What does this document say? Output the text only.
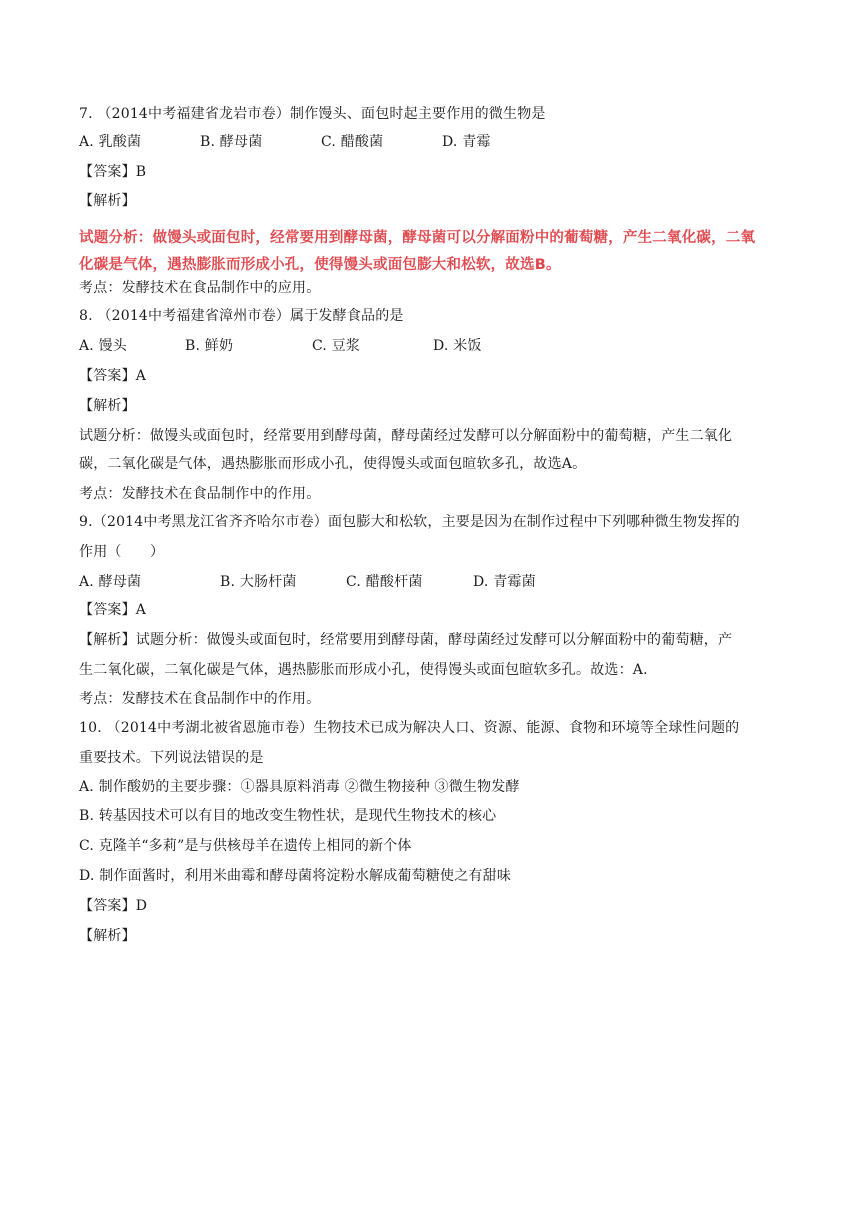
7. （2014中考福建省龙岩市卷）制作馒头、面包时起主要作用的微生物是
A. 乳酸菌	B. 酵母菌	C. 醋酸菌	D. 青霉
【答案】B
【解析】
试题分析：做馒头或面包时，经常要用到酵母菌，酵母菌可以分解面粉中的葡萄糖，产生二氧化碳，二氧
化碳是气体，遇热膨胀而形成小孔，使得馒头或面包膨大和松软，故选B。
考点：发酵技术在食品制作中的应用。
8. （2014中考福建省漳州市卷）属于发酵食品的是
A. 馒头	B. 鲜奶	C. 豆浆	D. 米饭
【答案】A
【解析】
试题分析：做馒头或面包时，经常要用到酵母菌，酵母菌经过发酵可以分解面粉中的葡萄糖，产生二氧化
碳，二氧化碳是气体，遇热膨胀而形成小孔，使得馒头或面包暄软多孔，故选A。
考点：发酵技术在食品制作中的作用。
9.（2014中考黑龙江省齐齐哈尔市卷）面包膨大和松软，主要是因为在制作过程中下列哪种微生物发挥的
作用（　　）
A. 酵母菌	B. 大肠杆菌	C. 醋酸杆菌	D. 青霉菌
【答案】A
【解析】试题分析：做馒头或面包时，经常要用到酵母菌，酵母菌经过发酵可以分解面粉中的葡萄糖，产
生二氧化碳，二氧化碳是气体，遇热膨胀而形成小孔，使得馒头或面包暄软多孔。故选：A.
考点：发酵技术在食品制作中的作用。
10. （2014中考湖北被省恩施市卷）生物技术已成为解决人口、资源、能源、食物和环境等全球性问题的
重要技术。下列说法错误的是
A. 制作酸奶的主要步骤：①器具原料消毒 ②微生物接种 ③微生物发酵
B. 转基因技术可以有目的地改变生物性状，是现代生物技术的核心
C. 克隆羊“多莉”是与供核母羊在遗传上相同的新个体
D. 制作面酱时，利用米曲霉和酵母菌将淀粉水解成葡萄糖使之有甜味
【答案】D
【解析】
